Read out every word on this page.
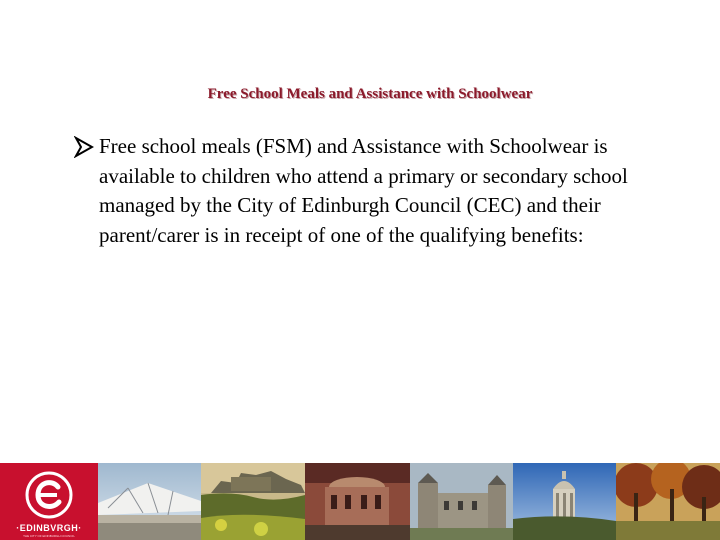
Free School Meals and Assistance with Schoolwear
Free school meals (FSM) and Assistance with Schoolwear is available to children who attend a primary or secondary school managed by the City of Edinburgh Council (CEC) and their parent/carer is in receipt of one of the qualifying benefits:
·EDINBVRGH·
THE CITY OF EDINBURGH COUNCIL
